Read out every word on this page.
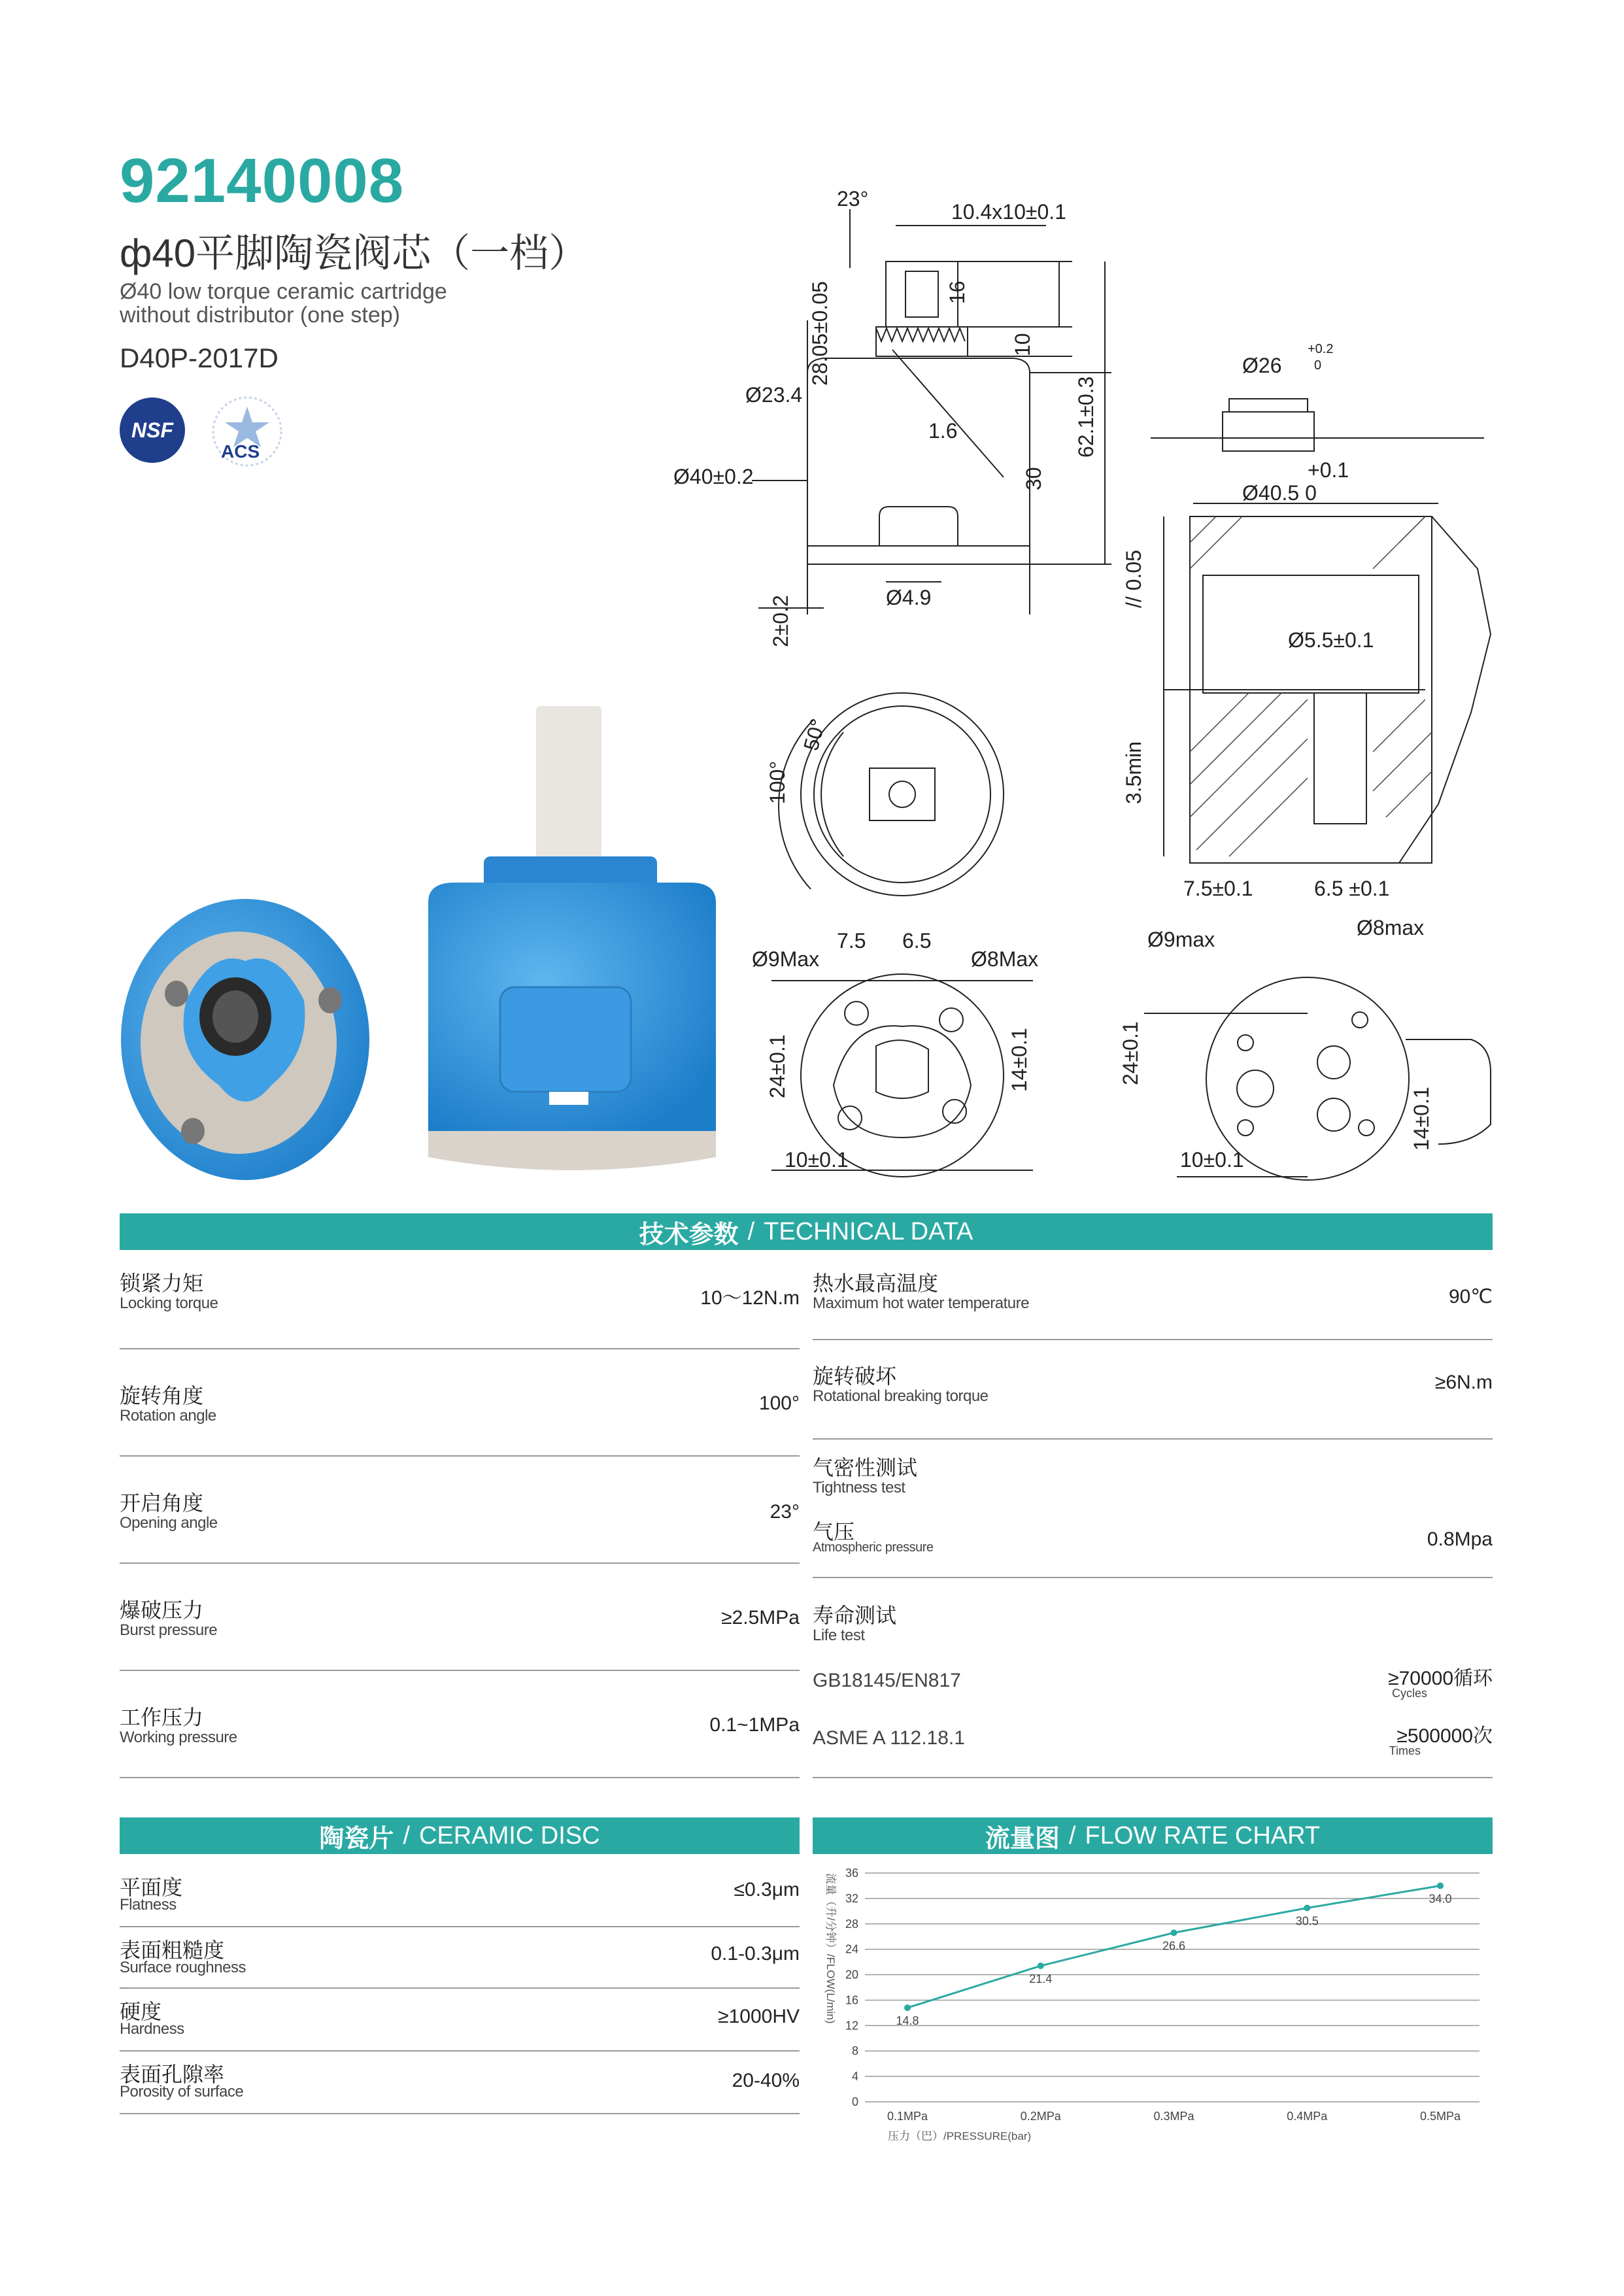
92140008
ф40平脚陶瓷阀芯（一档）
Ø40 low torque ceramic cartridge
without distributor (one step)
D40P-2017D
NSF
ACS
23°
10.4x10±0.1
16
28.05±0.05	10
62.1±0.3
Ø23.4
1.6
Ø40±0.2	30
2±0.2	Ø4.9
Ø26
+0.2
0
+0.1
Ø40.5 0
// 0.05
Ø5.5±0.1
3.5min
100°
50°
7.5 6.5
Ø9Max	Ø8Max
24±0.1	14±0.1
10±0.1
7.5±0.1	6.5 ±0.1
Ø9max	Ø8max
24±0.1
14±0.1
10±0.1
技术参数 / TECHNICAL DATA
锁紧力矩
Locking torque	10～12N.m
旋转角度
Rotation angle
100°
开启角度
Opening angle
23°
爆破压力
Burst pressure
≥2.5MPa
工作压力
Working pressure
0.1~1MPa
热水最高温度
Maximum hot water temperature	90℃
旋转破坏
Rotational breaking torque
≥6N.m
气密性测试
Tightness test
气压
Atmospheric pressure	0.8Mpa
寿命测试
Life test
GB18145/EN817	≥70000循环
Cycles
ASME A 112.18.1	≥500000次
Times
陶瓷片 / CERAMIC DISC
平面度
Flatness
≤0.3μm
表面粗糙度
Surface roughness
0.1-0.3μm
硬度
Hardness
≥1000HV
表面孔隙率
Porosity of surface
20-40%
流量图 / FLOW RATE CHART
0
4
8
12
16
20
24
28
32
36
0.1MPa	0.2MPa	0.3MPa	0.4MPa	0.5MPa
14.8
21.4
26.6
30.5
34.0
流量（升/分钟）/FLOW(L/min)
压力（巴）/PRESSURE(bar)
